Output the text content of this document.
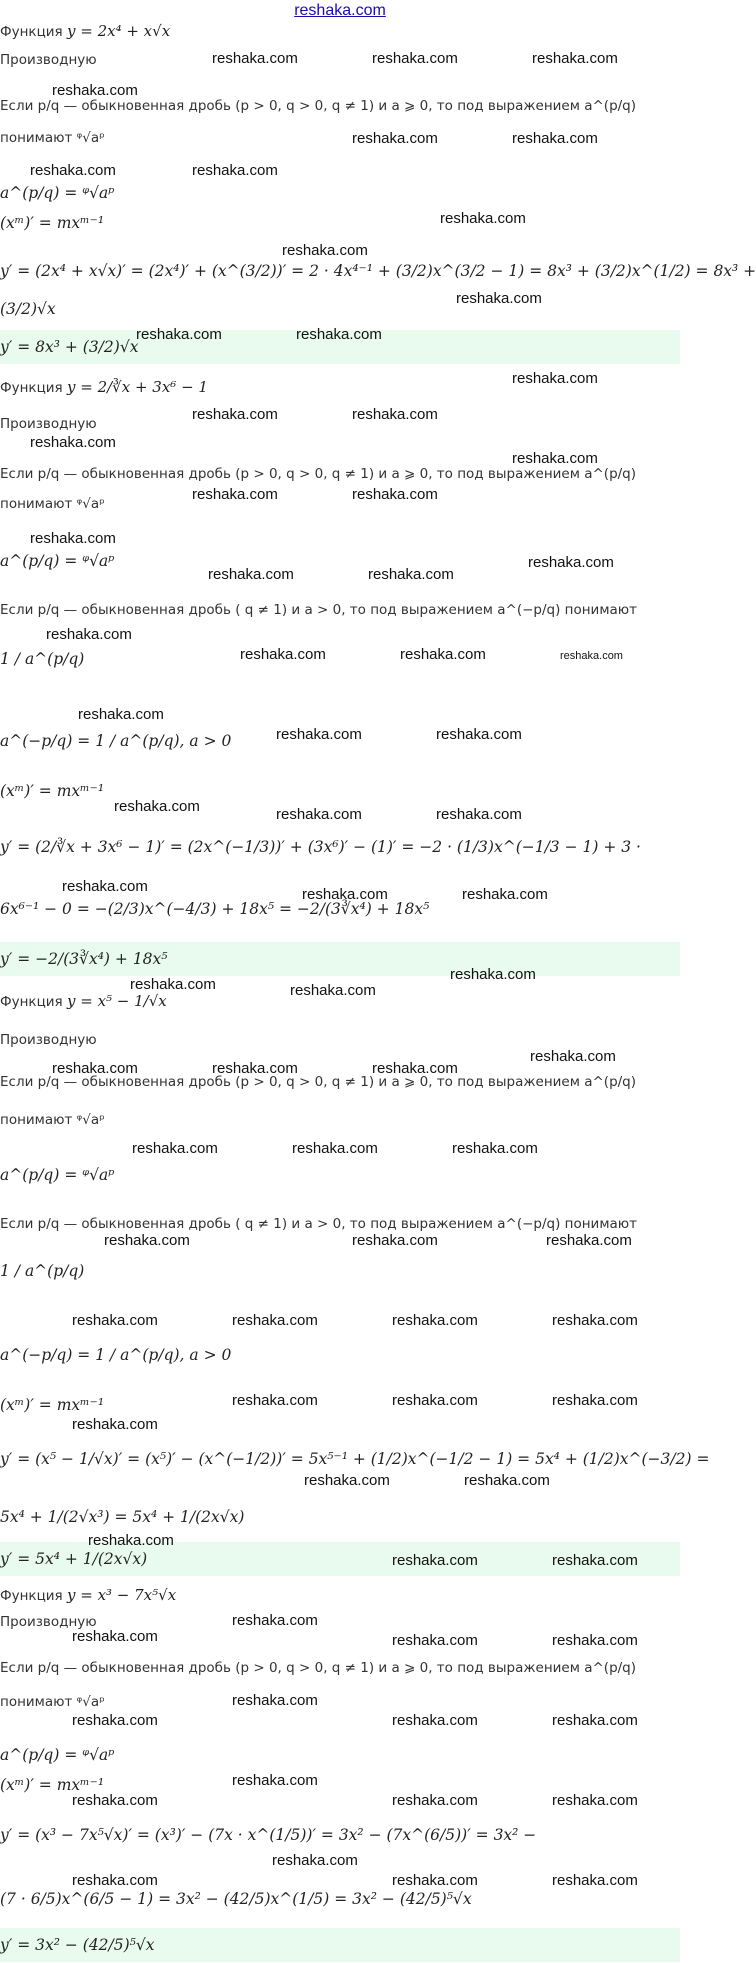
reshaka.com
Функция y = 2x⁴ + x√x
Производную
Если p/q — обыкновенная дробь (p > 0, q > 0, q ≠ 1) и a ⩾ 0, то под выражением a^(p/q)
понимают ᵠ√aᵖ
a^(p/q) = ᵠ√aᵖ
(xᵐ)′ = mxᵐ⁻¹
y′ = (2x⁴ + x√x)′ = (2x⁴)′ + (x^(3/2))′ = 2 · 4x⁴⁻¹ + (3/2)x^(3/2 − 1) = 8x³ + (3/2)x^(1/2) = 8x³ +
(3/2)√x
y′ = 8x³ + (3/2)√x
Функция y = 2/∛x + 3x⁶ − 1
Производную
Если p/q — обыкновенная дробь (p > 0, q > 0, q ≠ 1) и a ⩾ 0, то под выражением a^(p/q)
понимают ᵠ√aᵖ
a^(p/q) = ᵠ√aᵖ
Если p/q — обыкновенная дробь ( q ≠ 1) и a > 0, то под выражением a^(−p/q) понимают
1 / a^(p/q)
a^(−p/q) = 1 / a^(p/q), a > 0
(xᵐ)′ = mxᵐ⁻¹
y′ = (2/∛x + 3x⁶ − 1)′ = (2x^(−1/3))′ + (3x⁶)′ − (1)′ = −2 · (1/3)x^(−1/3 − 1) + 3 ·
6x⁶⁻¹ − 0 = −(2/3)x^(−4/3) + 18x⁵ = −2/(3∛x⁴) + 18x⁵
y′ = −2/(3∛x⁴) + 18x⁵
Функция y = x⁵ − 1/√x
Производную
Если p/q — обыкновенная дробь (p > 0, q > 0, q ≠ 1) и a ⩾ 0, то под выражением a^(p/q)
понимают ᵠ√aᵖ
a^(p/q) = ᵠ√aᵖ
Если p/q — обыкновенная дробь ( q ≠ 1) и a > 0, то под выражением a^(−p/q) понимают
1 / a^(p/q)
a^(−p/q) = 1 / a^(p/q), a > 0
(xᵐ)′ = mxᵐ⁻¹
y′ = (x⁵ − 1/√x)′ = (x⁵)′ − (x^(−1/2))′ = 5x⁵⁻¹ + (1/2)x^(−1/2 − 1) = 5x⁴ + (1/2)x^(−3/2) =
5x⁴ + 1/(2√x³) = 5x⁴ + 1/(2x√x)
y′ = 5x⁴ + 1/(2x√x)
Функция y = x³ − 7x⁵√x
Производную
Если p/q — обыкновенная дробь (p > 0, q > 0, q ≠ 1) и a ⩾ 0, то под выражением a^(p/q)
понимают ᵠ√aᵖ
a^(p/q) = ᵠ√aᵖ
(xᵐ)′ = mxᵐ⁻¹
y′ = (x³ − 7x⁵√x)′ = (x³)′ − (7x · x^(1/5))′ = 3x² − (7x^(6/5))′ = 3x² −
(7 · 6/5)x^(6/5 − 1) = 3x² − (42/5)x^(1/5) = 3x² − (42/5)⁵√x
y′ = 3x² − (42/5)⁵√x
reshaka.com	reshaka.com	reshaka.com
reshaka.com
reshaka.com	reshaka.com
reshaka.com	reshaka.com
reshaka.com
reshaka.com
reshaka.com
reshaka.com	reshaka.com
reshaka.com
reshaka.com	reshaka.com
reshaka.com
reshaka.com
reshaka.com	reshaka.com
reshaka.com
reshaka.com
reshaka.com	reshaka.com
reshaka.com
reshaka.com	reshaka.com	reshaka.com
reshaka.com
reshaka.com	reshaka.com
reshaka.com	reshaka.com	reshaka.com
reshaka.com	reshaka.com	reshaka.com
reshaka.com	reshaka.com
reshaka.com
reshaka.com
reshaka.com	reshaka.com	reshaka.com
reshaka.com	reshaka.com	reshaka.com
reshaka.com	reshaka.com	reshaka.com
reshaka.com	reshaka.com	reshaka.com	reshaka.com
reshaka.com	reshaka.com	reshaka.com
reshaka.com
reshaka.com	reshaka.com
reshaka.com
reshaka.com	reshaka.com
reshaka.com
reshaka.com
reshaka.com	reshaka.com
reshaka.com
reshaka.com	reshaka.com	reshaka.com
reshaka.com
reshaka.com	reshaka.com	reshaka.com
reshaka.com
reshaka.com	reshaka.com	reshaka.com
